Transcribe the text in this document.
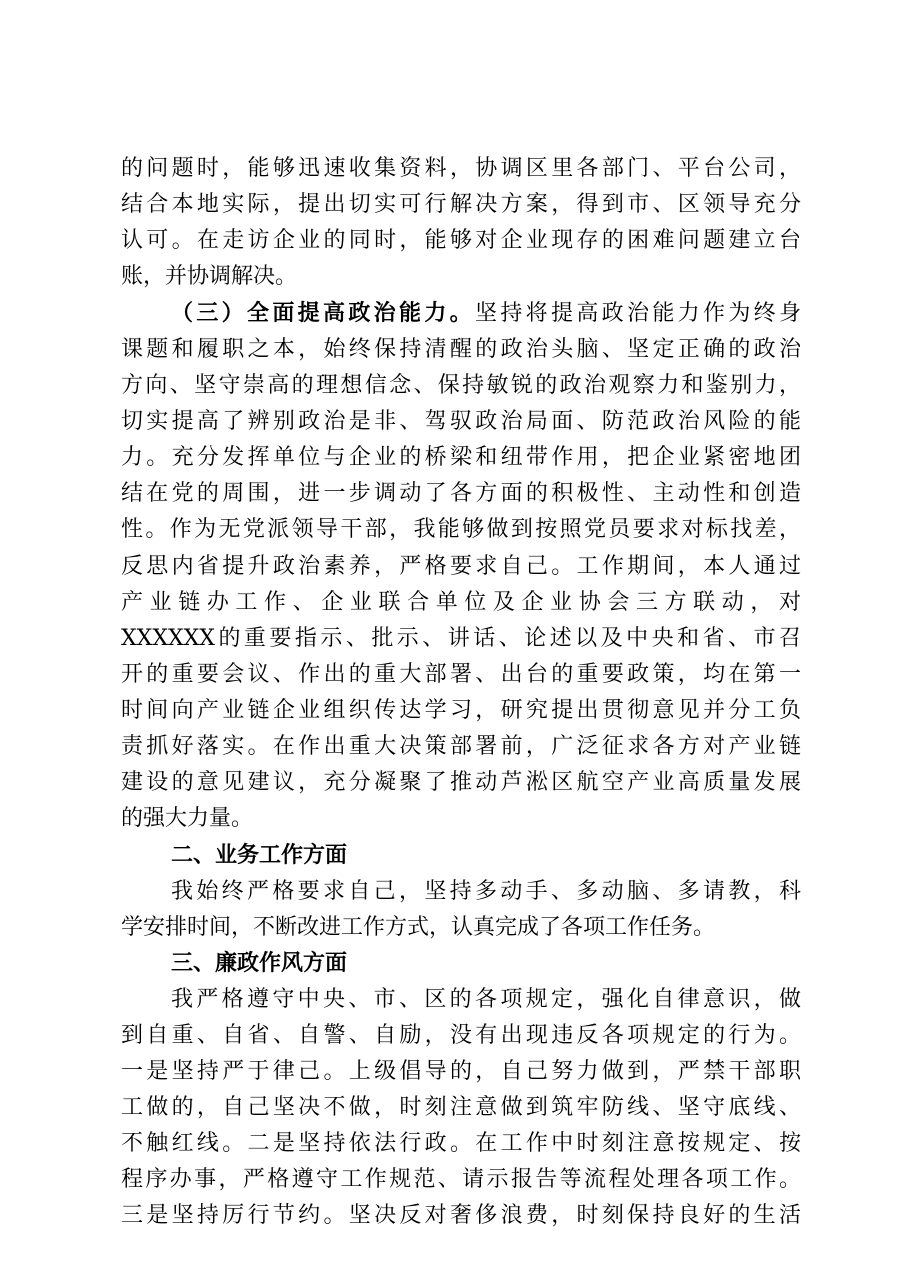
的问题时，能够迅速收集资料，协调区里各部门、平台公司，
结合本地实际，提出切实可行解决方案，得到市、区领导充分
认可。在走访企业的同时，能够对企业现存的困难问题建立台
账，并协调解决。
（三）全面提高政治能力。坚持将提高政治能力作为终身
课题和履职之本，始终保持清醒的政治头脑、坚定正确的政治
方向、坚守崇高的理想信念、保持敏锐的政治观察力和鉴别力，
切实提高了辨别政治是非、驾驭政治局面、防范政治风险的能
力。充分发挥单位与企业的桥梁和纽带作用，把企业紧密地团
结在党的周围，进一步调动了各方面的积极性、主动性和创造
性。作为无党派领导干部，我能够做到按照党员要求对标找差，
反思内省提升政治素养，严格要求自己。工作期间，本人通过
产业链办工作、企业联合单位及企业协会三方联动，对
XXXXXX的重要指示、批示、讲话、论述以及中央和省、市召
开的重要会议、作出的重大部署、出台的重要政策，均在第一
时间向产业链企业组织传达学习，研究提出贯彻意见并分工负
责抓好落实。在作出重大决策部署前，广泛征求各方对产业链
建设的意见建议，充分凝聚了推动芦淞区航空产业高质量发展
的强大力量。
二、业务工作方面
我始终严格要求自己，坚持多动手、多动脑、多请教，科
学安排时间，不断改进工作方式，认真完成了各项工作任务。
三、廉政作风方面
我严格遵守中央、市、区的各项规定，强化自律意识，做
到自重、自省、自警、自励，没有出现违反各项规定的行为。
一是坚持严于律己。上级倡导的，自己努力做到，严禁干部职
工做的，自己坚决不做，时刻注意做到筑牢防线、坚守底线、
不触红线。二是坚持依法行政。在工作中时刻注意按规定、按
程序办事，严格遵守工作规范、请示报告等流程处理各项工作。
三是坚持厉行节约。坚决反对奢侈浪费，时刻保持良好的生活
